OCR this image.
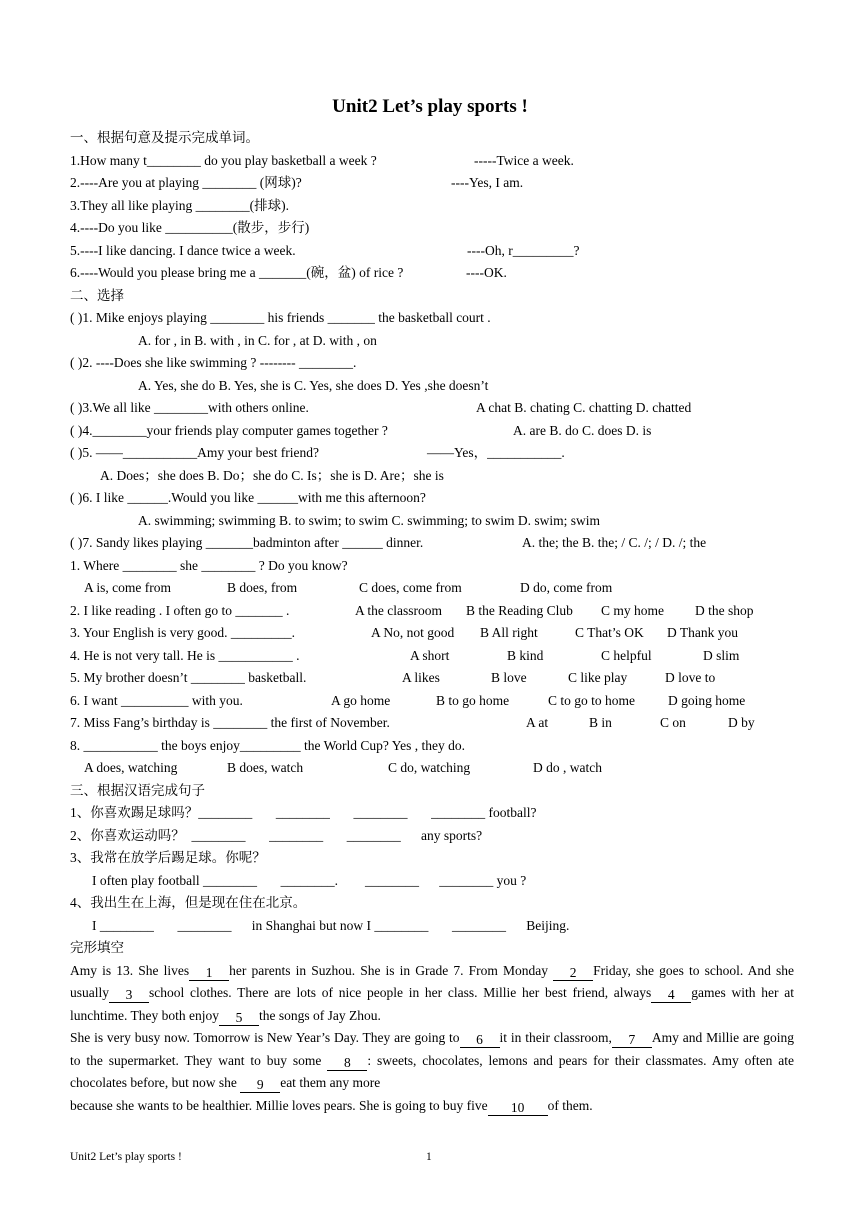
Unit2 Let’s play sports !
一、根据句意及提示完成单词。
1.How many t________ do you play basketball a week ?	-----Twice a week.
2.----Are you at playing ________ (网球)?	----Yes, I am.
3.They all like playing ________(排球).
4.----Do you like __________(散步，步行)
5.----I like dancing. I dance twice a week.	----Oh, r_________?
6.----Would you please bring me a _______(碗，盆) of rice ?	----OK.
二、选择
( )1. Mike enjoys playing ________ his friends _______ the basketball court .
A. for , in B. with , in C. for , at D. with , on
( )2. ----Does she like swimming ? -------- ________.
A. Yes, she do B. Yes, she is C. Yes, she does D. Yes ,she doesn’t
( )3.We all like ________with others online.	A chat B. chating C. chatting D. chatted
( )4.________your friends play computer games together ?	A. are B. do C. does D. is
( )5. ——___________Amy your best friend?	——Yes，___________.
A. Does；she does B. Do；she do C. Is；she is D. Are；she is
( )6. I like ______.Would you like ______with me this afternoon?
A. swimming; swimming B. to swim; to swim C. swimming; to swim D. swim; swim
( )7. Sandy likes playing _______badminton after ______ dinner.	A. the; the B. the; / C. /; / D. /; the
1. Where ________ she ________ ? Do you know?
A is, come from	B does, from	C does, come from	D do, come from
2. I like reading . I often go to _______ .	A the classroom B the Reading Club C my home D the shop
3. Your English is very good. _________.	A No, not good B All right	C That’s OK D Thank you
4. He is not very tall. He is ___________ .	A short	B kind	C helpful	D slim
5. My brother doesn’t ________ basketball.	A likes	B love	C like play	D love to
6. I want __________ with you.	A go home	B to go home	C to go to home D going home
7. Miss Fang’s birthday is ________ the first of November.	A at	B in	C on	D by
8. ___________ the boys enjoy_________ the World Cup? Yes , they do.
A does, watching	B does, watch	C do, watching	D do , watch
三、根据汉语完成句子
1、你喜欢踢足球吗？________       ________       ________       ________ football?
2、你喜欢运动吗？  ________       ________       ________      any sports?
3、我常在放学后踢足球。你呢？
I often play football ________       ________.        ________      ________ you ?
4、我出生在上海，但是现在住在北京。
I ________       ________      in Shanghai but now I ________       ________      Beijing.
完形填空
Amy is 13. She lives 1 her parents in Suzhou. She is in Grade 7. From Monday 2 Friday, she goes to school. And she usually 3 school clothes. There are lots of nice people in her class. Millie her best friend, always 4 games with her at lunchtime. They both enjoy 5 the songs of Jay Zhou.
She is very busy now. Tomorrow is New Year’s Day. They are going to 6 it in their classroom, 7 Amy and Millie are going to the supermarket. They want to buy some 8 : sweets, chocolates, lemons and pears for their classmates. Amy often ate chocolates before, but now she 9 eat them any more
because she wants to be healthier. Millie loves pears. She is going to buy five 10 of them.
Unit2 Let’s play sports !	1
